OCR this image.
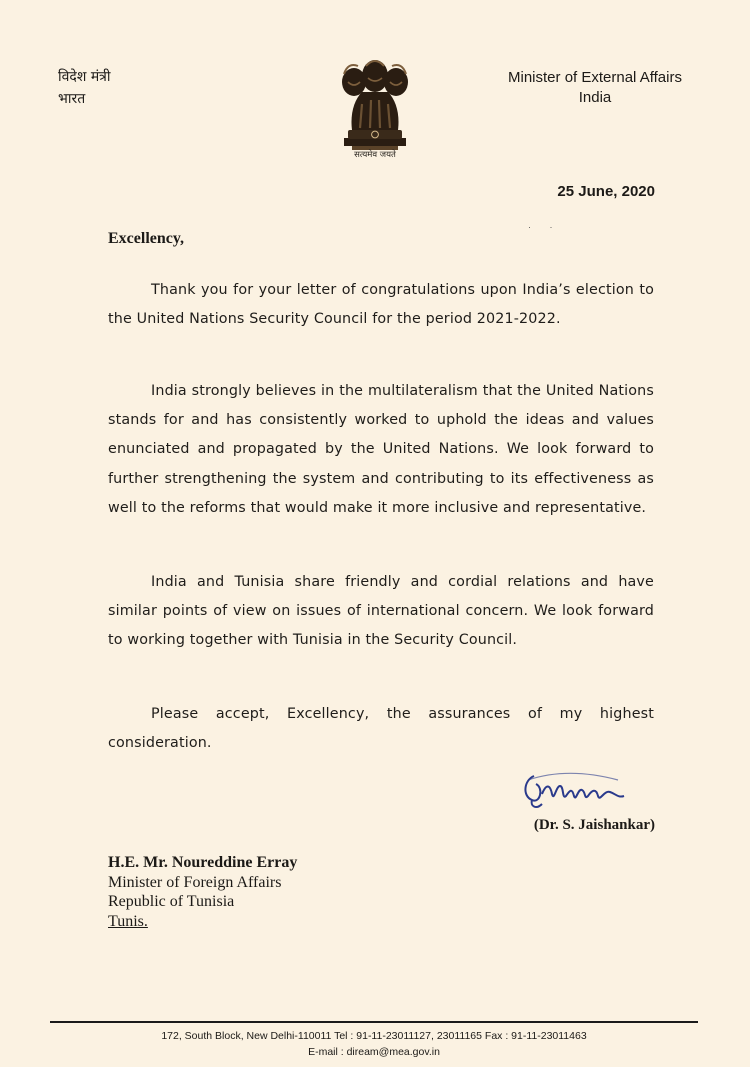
विदेश मंत्री
भारत
सत्यमेव जयते
Minister of External Affairs
India
25 June, 2020
· ·
Excellency,
Thank you for your letter of congratulations upon India’s election to the United Nations Security Council for the period 2021-2022.
India strongly believes in the multilateralism that the United Nations stands for and has consistently worked to uphold the ideas and values enunciated and propagated by the United Nations. We look forward to further strengthening the system and contributing to its effectiveness as well to the reforms that would make it more inclusive and representative.
India and Tunisia share friendly and cordial relations and have similar points of view on issues of international concern. We look forward to working together with Tunisia in the Security Council.
Please accept, Excellency, the assurances of my highest consideration.
(Dr. S. Jaishankar)
H.E. Mr. Noureddine Erray
Minister of Foreign Affairs
Republic of Tunisia
Tunis.
172, South Block, New Delhi-110011 Tel : 91-11-23011127, 23011165 Fax : 91-11-23011463
E-mail : diream@mea.gov.in
